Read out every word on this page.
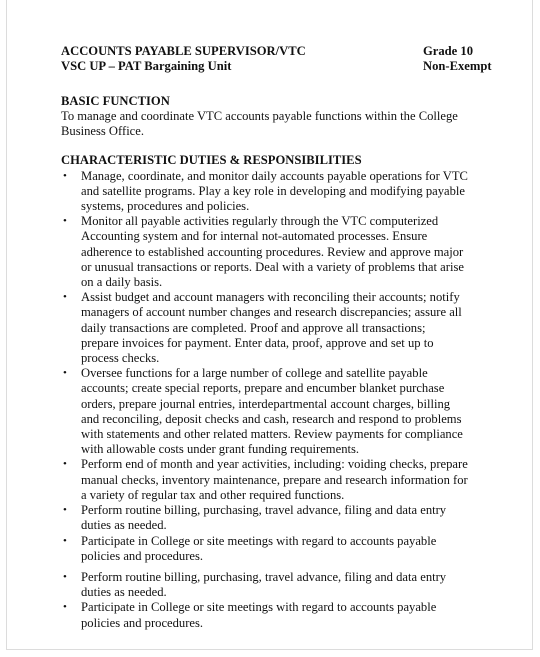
ACCOUNTS PAYABLE SUPERVISOR/VTC	Grade 10
VSC UP – PAT Bargaining Unit	Non-Exempt
BASIC FUNCTION
To manage and coordinate VTC accounts payable functions within the College
Business Office.
CHARACTERISTIC DUTIES & RESPONSIBILITIES
• Manage, coordinate, and monitor daily accounts payable operations for VTC
and satellite programs. Play a key role in developing and modifying payable
systems, procedures and policies.
• Monitor all payable activities regularly through the VTC computerized
Accounting system and for internal not-automated processes. Ensure
adherence to established accounting procedures. Review and approve major
or unusual transactions or reports. Deal with a variety of problems that arise
on a daily basis.
• Assist budget and account managers with reconciling their accounts; notify
managers of account number changes and research discrepancies; assure all
daily transactions are completed. Proof and approve all transactions;
prepare invoices for payment. Enter data, proof, approve and set up to
process checks.
• Oversee functions for a large number of college and satellite payable
accounts; create special reports, prepare and encumber blanket purchase
orders, prepare journal entries, interdepartmental account charges, billing
and reconciling, deposit checks and cash, research and respond to problems
with statements and other related matters. Review payments for compliance
with allowable costs under grant funding requirements.
• Perform end of month and year activities, including: voiding checks, prepare
manual checks, inventory maintenance, prepare and research information for
a variety of regular tax and other required functions.
• Perform routine billing, purchasing, travel advance, filing and data entry
duties as needed.
• Participate in College or site meetings with regard to accounts payable
policies and procedures.
• Perform routine billing, purchasing, travel advance, filing and data entry
duties as needed.
• Participate in College or site meetings with regard to accounts payable
policies and procedures.
